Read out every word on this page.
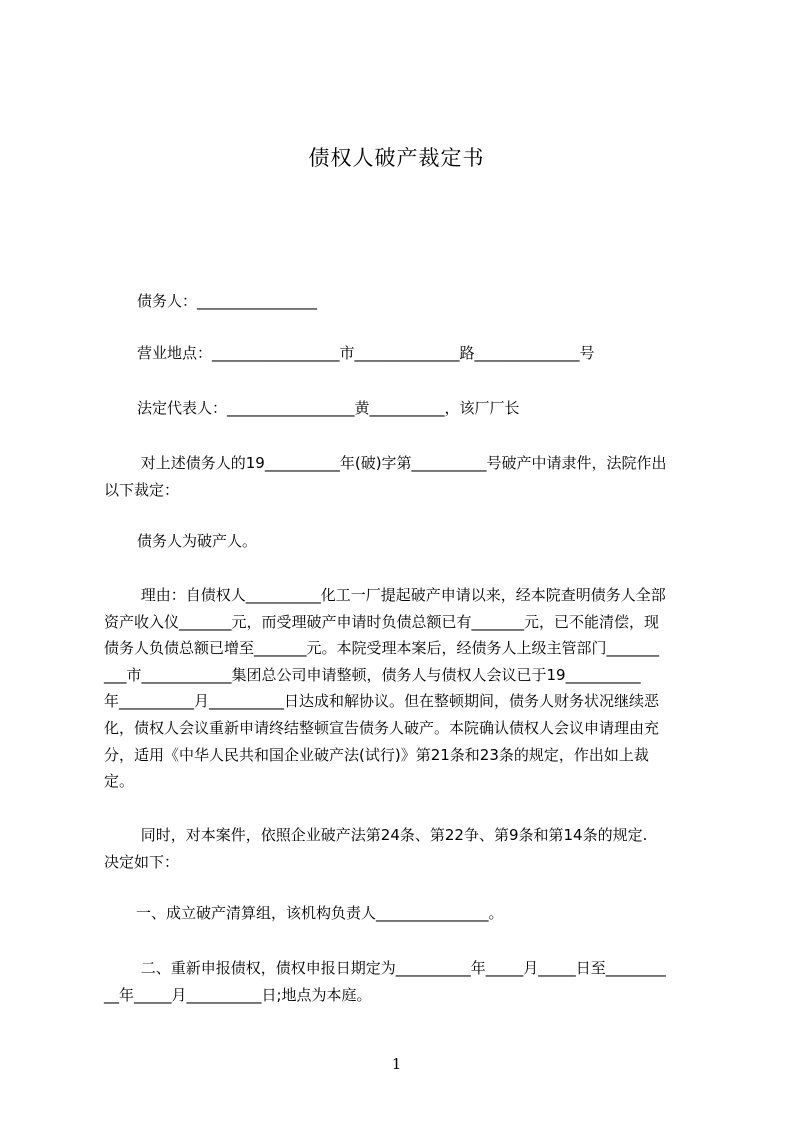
债权人破产裁定书
债务人：________________
营业地点：_________________市______________路______________号
法定代表人：_________________黄__________，该厂厂长
对上述债务人的19__________年(破)字第__________号破产中请隶件，法院作出
以下裁定：
债务人为破产人。
理由：自债权人__________化工一厂提起破产申请以来，经本院查明债务人全部
资产收入仪_______元，而受理破产申请时负债总额已有_______元，已不能清偿，现
债务人负债总额已增至_______元。本院受理本案后，经债务人上级主管部门_______
___市____________集团总公司申请整顿，债务人与债权人会议已于19__________
年__________月__________日达成和解协议。但在整顿期间，债务人财务状况继续恶
化，债权人会议重新申请终结整顿宣告债务人破产。本院确认债权人会议申请理由充
分，适用《中华人民共和国企业破产法(试行)》第21条和23条的规定，作出如上裁
定。
同时，对本案件，依照企业破产法第24条、第22争、第9条和第14条的规定.
决定如下：
一、成立破产清算组，该机构负责人_______________。
二、重新申报债权，债权申报日期定为__________年_____月_____日至________
__年_____月__________日;地点为本庭。
1
